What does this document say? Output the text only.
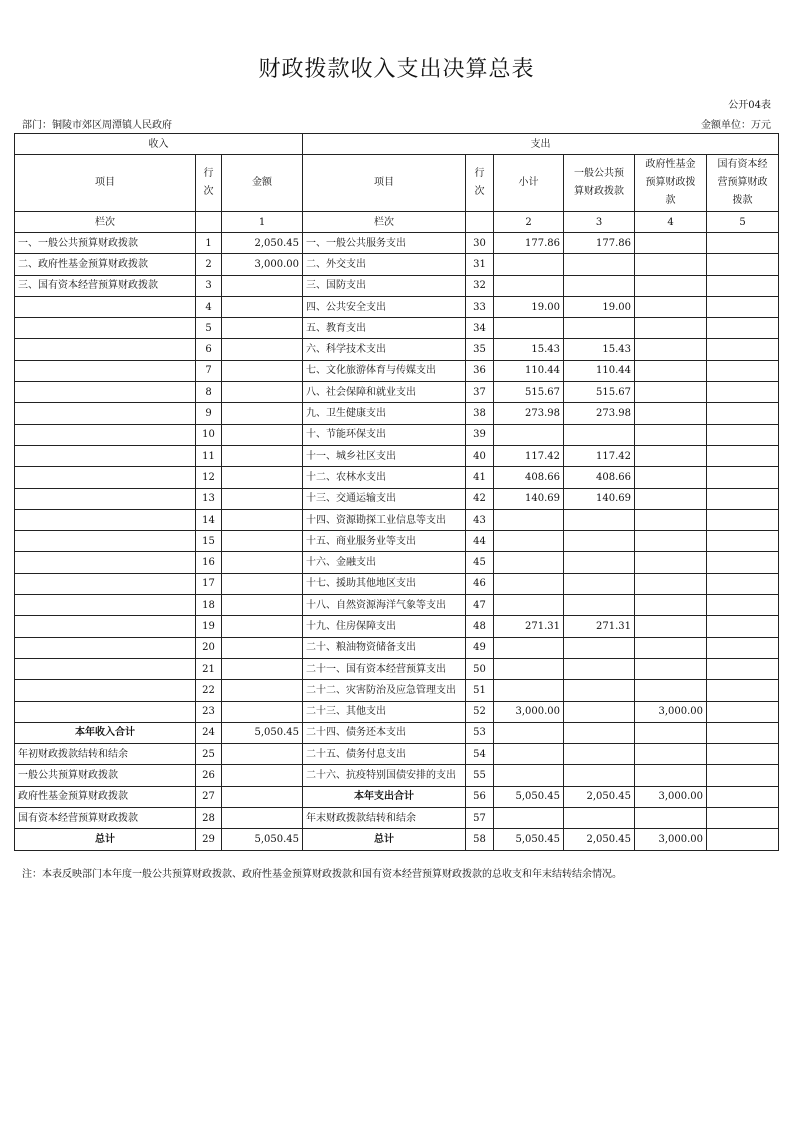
财政拨款收入支出决算总表
公开04表
部门：铜陵市郊区周潭镇人民政府	金额单位：万元
收入			支出					
项目	行次	金额	项目	行次	小计	一般公共预算财政拨款	政府性基金预算财政拨款	国有资本经营预算财政拨款
栏次		1	栏次		2	3	4	5
一、一般公共预算财政拨款	1	2,050.45	一、一般公共服务支出	30	177.86	177.86		
二、政府性基金预算财政拨款	2	3,000.00	二、外交支出	31				
三、国有资本经营预算财政拨款	3		三、国防支出	32				
	4		四、公共安全支出	33	19.00	19.00		
	5		五、教育支出	34				
	6		六、科学技术支出	35	15.43	15.43		
	7		七、文化旅游体育与传媒支出	36	110.44	110.44		
	8		八、社会保障和就业支出	37	515.67	515.67		
	9		九、卫生健康支出	38	273.98	273.98		
	10		十、节能环保支出	39				
	11		十一、城乡社区支出	40	117.42	117.42		
	12		十二、农林水支出	41	408.66	408.66		
	13		十三、交通运输支出	42	140.69	140.69		
	14		十四、资源勘探工业信息等支出	43				
	15		十五、商业服务业等支出	44				
	16		十六、金融支出	45				
	17		十七、援助其他地区支出	46				
	18		十八、自然资源海洋气象等支出	47				
	19		十九、住房保障支出	48	271.31	271.31		
	20		二十、粮油物资储备支出	49				
	21		二十一、国有资本经营预算支出	50				
	22		二十二、灾害防治及应急管理支出	51				
	23		二十三、其他支出	52	3,000.00		3,000.00	
本年收入合计	24	5,050.45	二十四、债务还本支出	53				
年初财政拨款结转和结余	25		二十五、债务付息支出	54				
一般公共预算财政拨款	26		二十六、抗疫特别国债安排的支出	55				
政府性基金预算财政拨款	27		本年支出合计	56	5,050.45	2,050.45	3,000.00	
国有资本经营预算财政拨款	28		年末财政拨款结转和结余	57				
总计	29	5,050.45	总计	58	5,050.45	2,050.45	3,000.00	
注：本表反映部门本年度一般公共预算财政拨款、政府性基金预算财政拨款和国有资本经营预算财政拨款的总收支和年末结转结余情况。
